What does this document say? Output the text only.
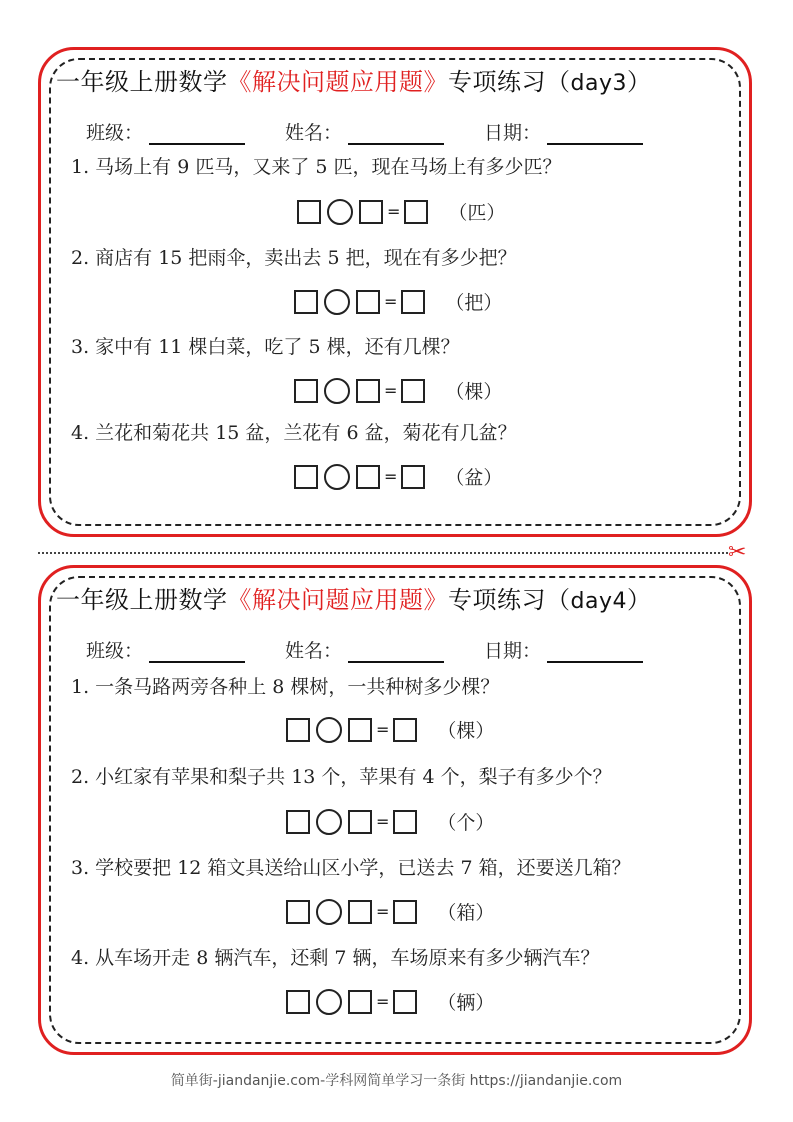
一年级上册数学《解决问题应用题》专项练习（day3）
班级：	姓名：	日期：
1. 马场上有 9 匹马，又来了 5 匹，现在马场上有多少匹？
=	（匹）
2. 商店有 15 把雨伞，卖出去 5 把，现在有多少把？
=	（把）
3. 家中有 11 棵白菜，吃了 5 棵，还有几棵？
=	（棵）
4. 兰花和菊花共 15 盆，兰花有 6 盆，菊花有几盆？
=	（盆）
✂
一年级上册数学《解决问题应用题》专项练习（day4）
班级：	姓名：	日期：
1. 一条马路两旁各种上 8 棵树，一共种树多少棵？
=	（棵）
2. 小红家有苹果和梨子共 13 个，苹果有 4 个，梨子有多少个？
=	（个）
3. 学校要把 12 箱文具送给山区小学，已送去 7 箱，还要送几箱？
=	（箱）
4. 从车场开走 8 辆汽车，还剩 7 辆，车场原来有多少辆汽车？
=	（辆）
简单街-jiandanjie.com-学科网简单学习一条街 https://jiandanjie.com
